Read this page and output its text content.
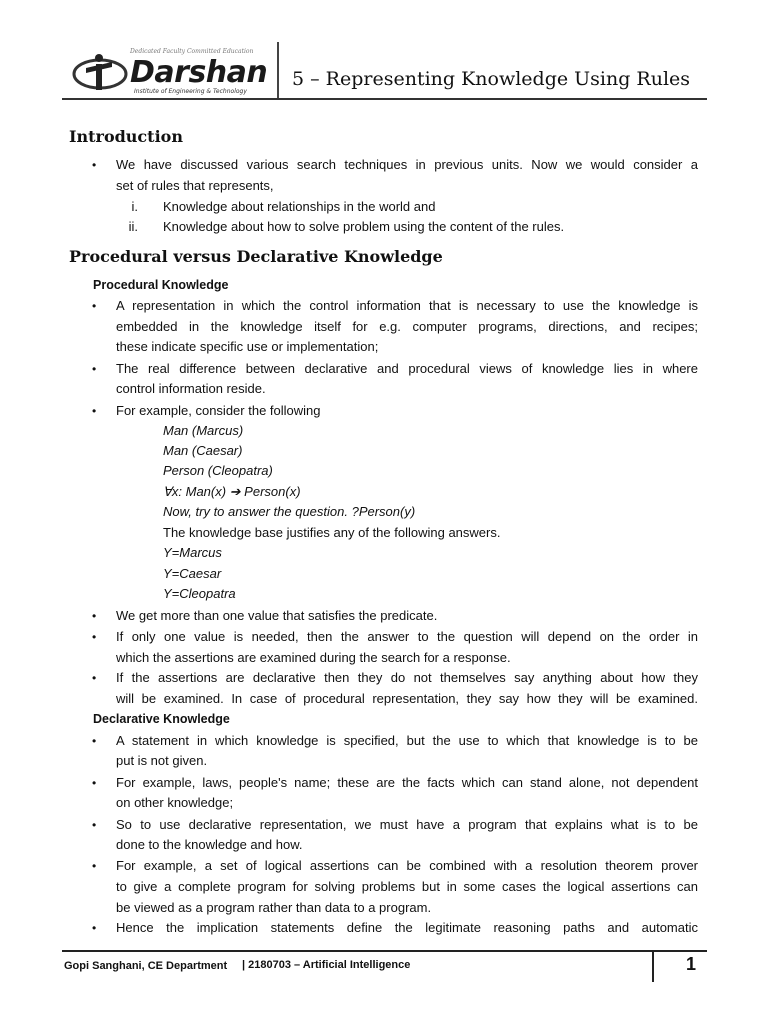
Dedicated Faculty Committed Education
Darshan
Institute of Engineering & Technology
5 – Representing Knowledge Using Rules
Introduction
• We have discussed various search techniques in previous units. Now we would consider a
set of rules that represents,
i. Knowledge about relationships in the world and
ii. Knowledge about how to solve problem using the content of the rules.
Procedural versus Declarative Knowledge
Procedural Knowledge
• A representation in which the control information that is necessary to use the knowledge is
embedded in the knowledge itself for e.g. computer programs, directions, and recipes;
these indicate specific use or implementation;
• The real difference between declarative and procedural views of knowledge lies in where
control information reside.
• For example, consider the following
Man (Marcus)
Man (Caesar)
Person (Cleopatra)
∀x: Man(x) ➔ Person(x)
Now, try to answer the question. ?Person(y)
The knowledge base justifies any of the following answers.
Y=Marcus
Y=Caesar
Y=Cleopatra
• We get more than one value that satisfies the predicate.
• If only one value is needed, then the answer to the question will depend on the order in
which the assertions are examined during the search for a response.
• If the assertions are declarative then they do not themselves say anything about how they
will be examined. In case of procedural representation, they say how they will be examined.
Declarative Knowledge
• A statement in which knowledge is specified, but the use to which that knowledge is to be
put is not given.
• For example, laws, people's name; these are the facts which can stand alone, not dependent
on other knowledge;
• So to use declarative representation, we must have a program that explains what is to be
done to the knowledge and how.
• For example, a set of logical assertions can be combined with a resolution theorem prover
to give a complete program for solving problems but in some cases the logical assertions can
be viewed as a program rather than data to a program.
• Hence the implication statements define the legitimate reasoning paths and automatic
Gopi Sanghani, CE Department | 2180703 – Artificial Intelligence	1
